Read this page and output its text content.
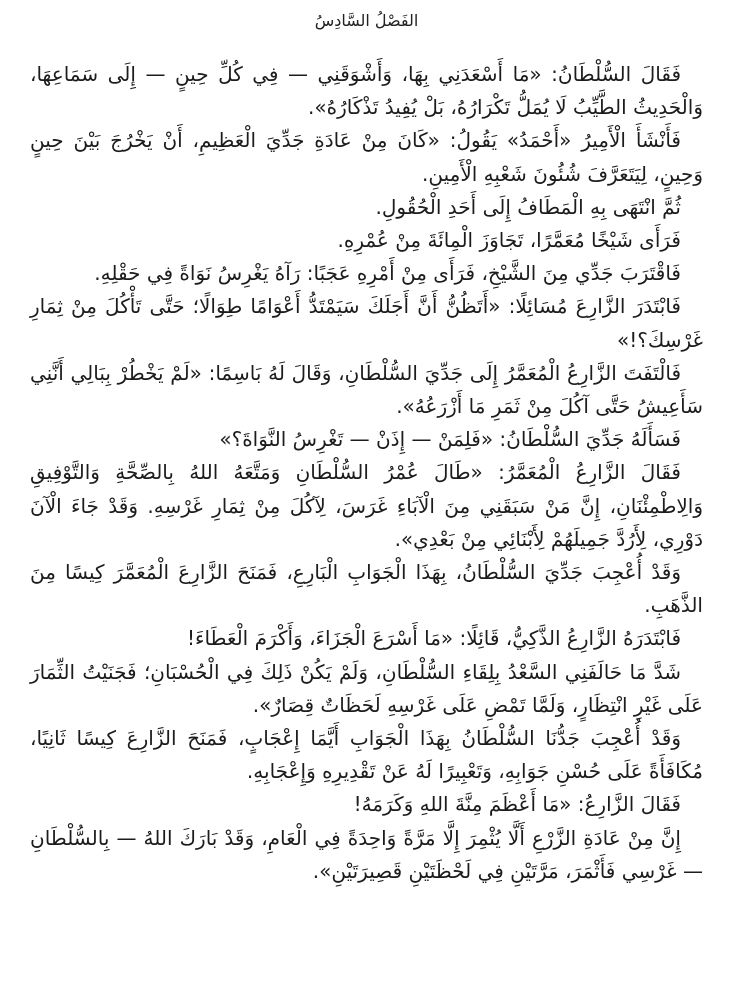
الفَصْلُ السَّادِسُ

فَقَالَ السُّلْطَانُ: «مَا أَسْعَدَنِي بِهَا، وَأَشْوَقَنِي — فِي كُلِّ حِينٍ — إِلَى سَمَاعِهَا، وَالْحَدِيثُ الطَّيِّبُ لَا يُمَلُّ تَكْرَارُهُ، بَلْ يُفِيدُ تَذْكَارُهُ».

فَأَنْشَأَ الْأَمِيرُ «أَحْمَدُ» يَقُولُ: «كَانَ مِنْ عَادَةِ جَدِّيَ الْعَظِيمِ، أَنْ يَخْرُجَ بَيْنَ حِينٍ وَحِينٍ، لِيَتَعَرَّفَ شُئُونَ شَعْبِهِ الْأَمِينِ.

ثُمَّ انْتَهَى بِهِ الْمَطَافُ إِلَى أَحَدِ الْحُقُولِ.

فَرَأَى شَيْخًا مُعَمَّرًا، تَجَاوَزَ الْمِائَةَ مِنْ عُمْرِهِ.

فَاقْتَرَبَ جَدِّي مِنَ الشَّيْخِ، فَرَأَى مِنْ أَمْرِهِ عَجَبًا: رَآهُ يَغْرِسُ نَوَاةً فِي حَقْلِهِ.

فَابْتَدَرَ الزَّارِعَ مُسَائِلًا: «أَتَظُنُّ أَنَّ أَجَلَكَ سَيَمْتَدُّ أَعْوَامًا طِوَالًا؛ حَتَّى تَأْكُلَ مِنْ ثِمَارِ غَرْسِكَ؟!»

فَالْتَفَتَ الزَّارِعُ الْمُعَمَّرُ إِلَى جَدِّيَ السُّلْطَانِ، وَقَالَ لَهُ بَاسِمًا: «لَمْ يَخْطُرْ بِبَالِي أَنَّنِي سَأَعِيشُ حَتَّى آكُلَ مِنْ ثَمَرِ مَا أَزْرَعُهُ».

فَسَأَلَهُ جَدِّيَ السُّلْطَانُ: «فَلِمَنْ — إِذَنْ — تَغْرِسُ النَّوَاةَ؟»

فَقَالَ الزَّارِعُ الْمُعَمَّرُ: «طَالَ عُمْرُ السُّلْطَانِ وَمَتَّعَهُ اللهُ بِالصِّحَّةِ وَالتَّوْفِيقِ وَالِاطْمِئْنَانِ، إِنَّ مَنْ سَبَقَنِي مِنَ الْآبَاءِ غَرَسَ، لِآكُلَ مِنْ ثِمَارِ غَرْسِهِ. وَقَدْ جَاءَ الْآنَ دَوْرِي، لِأَرُدَّ جَمِيلَهُمْ لِأَبْنَائِي مِنْ بَعْدِي».

وَقَدْ أُعْجِبَ جَدِّيَ السُّلْطَانُ، بِهَذَا الْجَوَابِ الْبَارِعِ، فَمَنَحَ الزَّارِعَ الْمُعَمَّرَ كِيسًا مِنَ الذَّهَبِ.

فَابْتَدَرَهُ الزَّارِعُ الذَّكِيُّ، قَائِلًا: «مَا أَسْرَعَ الْجَزَاءَ، وَأَكْرَمَ الْعَطَاءَ!

شَدَّ مَا حَالَفَنِي السَّعْدُ بِلِقَاءِ السُّلْطَانِ، وَلَمْ يَكُنْ ذَلِكَ فِي الْحُسْبَانِ؛ فَجَنَيْتُ الثِّمَارَ عَلَى غَيْرِ انْتِظَارٍ، وَلَمَّا تَمْضِ عَلَى غَرْسِهِ لَحَظَاتٌ قِصَارٌ».

وَقَدْ أُعْجِبَ جَدُّنَا السُّلْطَانُ بِهَذَا الْجَوَابِ أَيَّمَا إِعْجَابٍ، فَمَنَحَ الزَّارِعَ كِيسًا ثَانِيًا، مُكَافَأَةً عَلَى حُسْنِ جَوَابِهِ، وَتَعْبِيرًا لَهُ عَنْ تَقْدِيرِهِ وَإِعْجَابِهِ.

فَقَالَ الزَّارِعُ: «مَا أَعْظَمَ مِنَّةَ اللهِ وَكَرَمَهُ!

إِنَّ مِنْ عَادَةِ الزَّرْعِ أَلَّا يُثْمِرَ إِلَّا مَرَّةً وَاحِدَةً فِي الْعَامِ، وَقَدْ بَارَكَ اللهُ — بِالسُّلْطَانِ — غَرْسِي فَأَثْمَرَ، مَرَّتَيْنِ فِي لَحْظَتَيْنِ قَصِيرَتَيْنِ».
